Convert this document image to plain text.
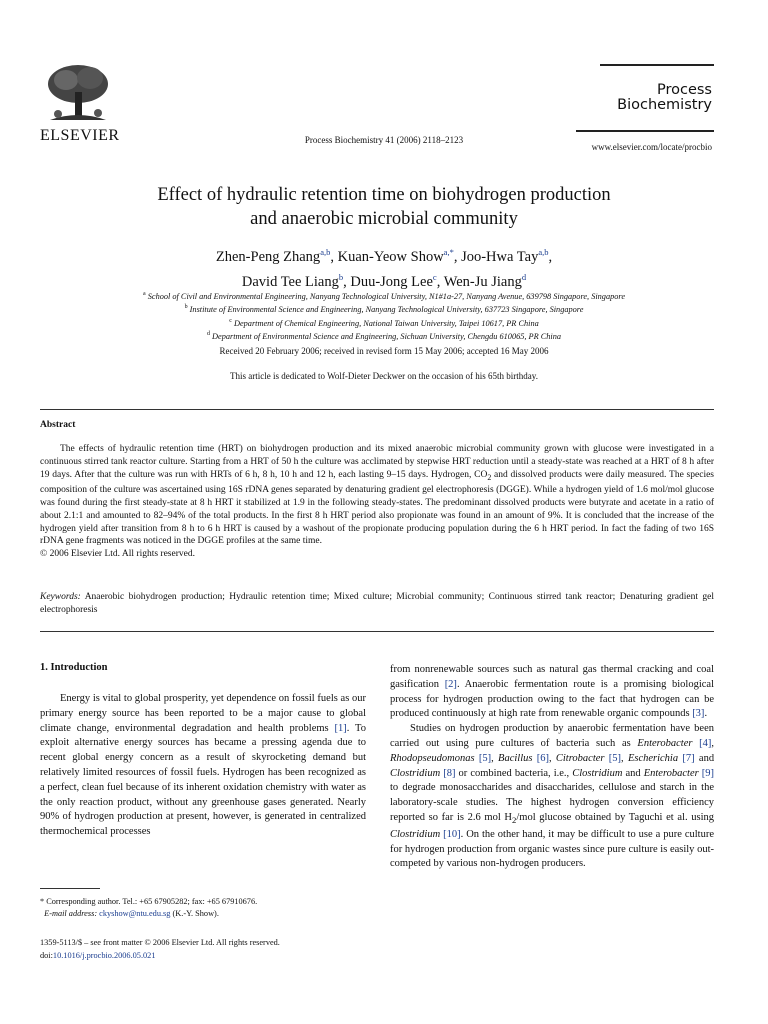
ELSEVIER	Process Biochemistry 41 (2006) 2118–2123
Process
Biochemistry
www.elsevier.com/locate/procbio
Effect of hydraulic retention time on biohydrogen production
and anaerobic microbial community
Zhen-Peng Zhang$^{a,b}$, Kuan-Yeow Show$^{a,*}$, Joo-Hwa Tay$^{a,b}$,
David Tee Liang$^b$, Duu-Jong Lee$^c$, Wen-Ju Jiang$^d$
$^a$ School of Civil and Environmental Engineering, Nanyang Technological University, N1#1a-27, Nanyang Avenue, 639798 Singapore, Singapore
$^b$ Institute of Environmental Science and Engineering, Nanyang Technological University, 637723 Singapore, Singapore
$^c$ Department of Chemical Engineering, National Taiwan University, Taipei 10617, PR China
$^d$ Department of Environmental Science and Engineering, Sichuan University, Chengdu 610065, PR China
Received 20 February 2006; received in revised form 15 May 2006; accepted 16 May 2006
This article is dedicated to Wolf-Dieter Deckwer on the occasion of his 65th birthday.
Abstract

The effects of hydraulic retention time (HRT) on biohydrogen production and its mixed anaerobic microbial community grown with glucose were investigated in a continuous stirred tank reactor culture. Starting from a HRT of 50 h the culture was acclimated by stepwise HRT reduction until a steady-state was reached at a HRT of 8 h after 19 days. After that the culture was run with HRTs of 6 h, 8 h, 10 h and 12 h, each lasting 9–15 days. Hydrogen, $CO_2$ and dissolved products were daily measured. The species composition of the culture was ascertained using 16S rDNA genes separated by denaturing gradient gel electrophoresis (DGGE). While a hydrogen yield of 1.6 mol/mol glucose was found during the first steady-state at 8 h HRT it stabilized at 1.9 in the following steady-states. The predominant dissolved products were butyrate and acetate in a ratio of about 2.1:1 and amounted to 82–94% of the total products. In the first 8 h HRT period also propionate was found in an amount of 9%. It is concluded that the increase of the hydrogen yield after transition from 8 h to 6 h HRT is caused by a washout of the propionate producing population during the 6 h HRT period. In fact the fading of two 16S rDNA gene fragments was noticed in the DGGE profiles at the same time.

© 2006 Elsevier Ltd. All rights reserved.
Keywords: Anaerobic biohydrogen production; Hydraulic retention time; Mixed culture; Microbial community; Continuous stirred tank reactor; Denaturing gradient gel electrophoresis
1. Introduction

Energy is vital to global prosperity, yet dependence on fossil fuels as our primary energy source has been reported to be a major cause to global climate change, environmental degradation and health problems [1]. To exploit alternative energy sources has became a pressing agenda due to recent global energy concern as a result of skyrocketing demand but relatively limited resources of fossil fuels. Hydrogen has been recognized as a perfect, clean fuel because of its inherent oxidation chemistry with water as the only reaction product, without any greenhouse gases generated. Nearly 90% of hydrogen production at present, however, is generated in centralized thermochemical processes

from nonrenewable sources such as natural gas thermal cracking and coal gasification [2]. Anaerobic fermentation route is a promising biological process for hydrogen production owing to the fact that hydrogen can be produced continuously at high rate from renewable organic compounds [3].

Studies on hydrogen production by anaerobic fermentation have been carried out using pure cultures of bacteria such as Enterobacter [4], Rhodopseudomonas [5], Bacillus [6], Citrobacter [5], Escherichia [7] and Clostridium [8] or combined bacteria, i.e., Clostridium and Enterobacter [9] to degrade monosaccharides and disaccharides, cellulose and starch in the laboratory-scale studies. The highest hydrogen conversion efficiency reported so far is 2.6 mol $H_2$/mol glucose obtained by Taguchi et al. using Clostridium [10]. On the other hand, it may be difficult to use a pure culture for hydrogen production from organic wastes since pure culture is easily out-competed by various non-hydrogen producers.

* Corresponding author. Tel.: +65 67905282; fax: +65 67910676.
E-mail address: ckyshow@ntu.edu.sg (K.-Y. Show).
1359-5113/$ – see front matter © 2006 Elsevier Ltd. All rights reserved.
doi:10.1016/j.procbio.2006.05.021
